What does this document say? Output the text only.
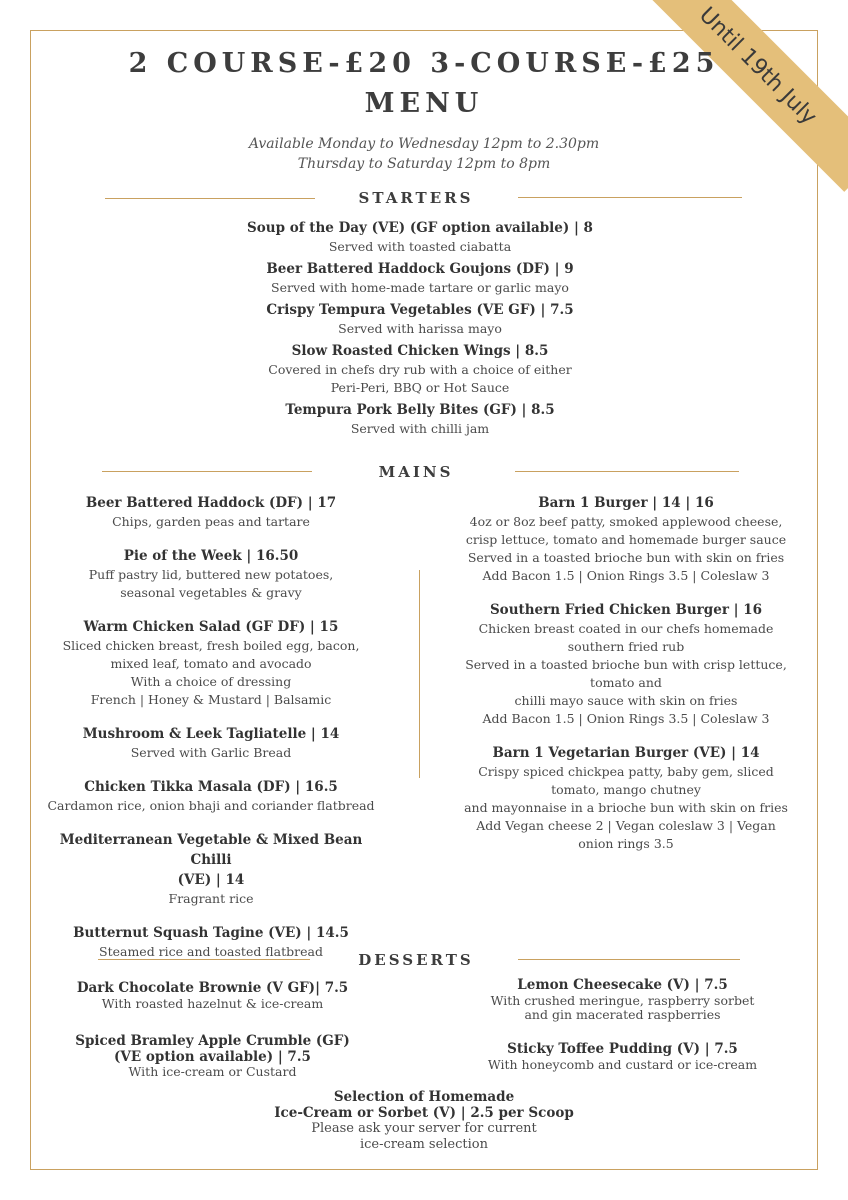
Until 19th July
2 COURSE-£20 3-COURSE-£25
MENU
Available Monday to Wednesday 12pm to 2.30pm
Thursday to Saturday 12pm to 8pm
STARTERS
Soup of the Day (VE) (GF option available) | 8
Served with toasted ciabatta
Beer Battered Haddock Goujons (DF) | 9
Served with home-made tartare or garlic mayo
Crispy Tempura Vegetables (VE GF) | 7.5
Served with harissa mayo
Slow Roasted Chicken Wings | 8.5
Covered in chefs dry rub with a choice of either
Peri-Peri, BBQ or Hot Sauce
Tempura Pork Belly Bites (GF) | 8.5
Served with chilli jam
MAINS
Beer Battered Haddock (DF) | 17
Chips, garden peas and tartare
Pie of the Week | 16.50
Puff pastry lid, buttered new potatoes,
seasonal vegetables & gravy
Warm Chicken Salad (GF DF) | 15
Sliced chicken breast, fresh boiled egg, bacon,
mixed leaf, tomato and avocado
With a choice of dressing
French | Honey & Mustard | Balsamic
Mushroom & Leek Tagliatelle | 14
Served with Garlic Bread
Chicken Tikka Masala (DF) | 16.5
Cardamon rice, onion bhaji and coriander flatbread
Mediterranean Vegetable & Mixed Bean Chilli
(VE) | 14
Fragrant rice
Butternut Squash Tagine (VE) | 14.5
Steamed rice and toasted flatbread
Barn 1 Burger | 14 | 16
4oz or 8oz beef patty, smoked applewood cheese,
crisp lettuce, tomato and homemade burger sauce
Served in a toasted brioche bun with skin on fries
Add Bacon 1.5 | Onion Rings 3.5 | Coleslaw 3
Southern Fried Chicken Burger | 16
Chicken breast coated in our chefs homemade
southern fried rub
Served in a toasted brioche bun with crisp lettuce,
tomato and
chilli mayo sauce with skin on fries
Add Bacon 1.5 | Onion Rings 3.5 | Coleslaw 3
Barn 1 Vegetarian Burger (VE) | 14
Crispy spiced chickpea patty, baby gem, sliced
tomato, mango chutney
and mayonnaise in a brioche bun with skin on fries
Add Vegan cheese 2 | Vegan coleslaw 3 | Vegan
onion rings 3.5
DESSERTS
Dark Chocolate Brownie (V GF)| 7.5
With roasted hazelnut & ice-cream
Spiced Bramley Apple Crumble (GF)
(VE option available) | 7.5
With ice-cream or Custard
Lemon Cheesecake (V) | 7.5
With crushed meringue, raspberry sorbet
and gin macerated raspberries
Sticky Toffee Pudding (V) | 7.5
With honeycomb and custard or ice-cream
Selection of Homemade
Ice-Cream or Sorbet (V) | 2.5 per Scoop
Please ask your server for current
ice-cream selection
